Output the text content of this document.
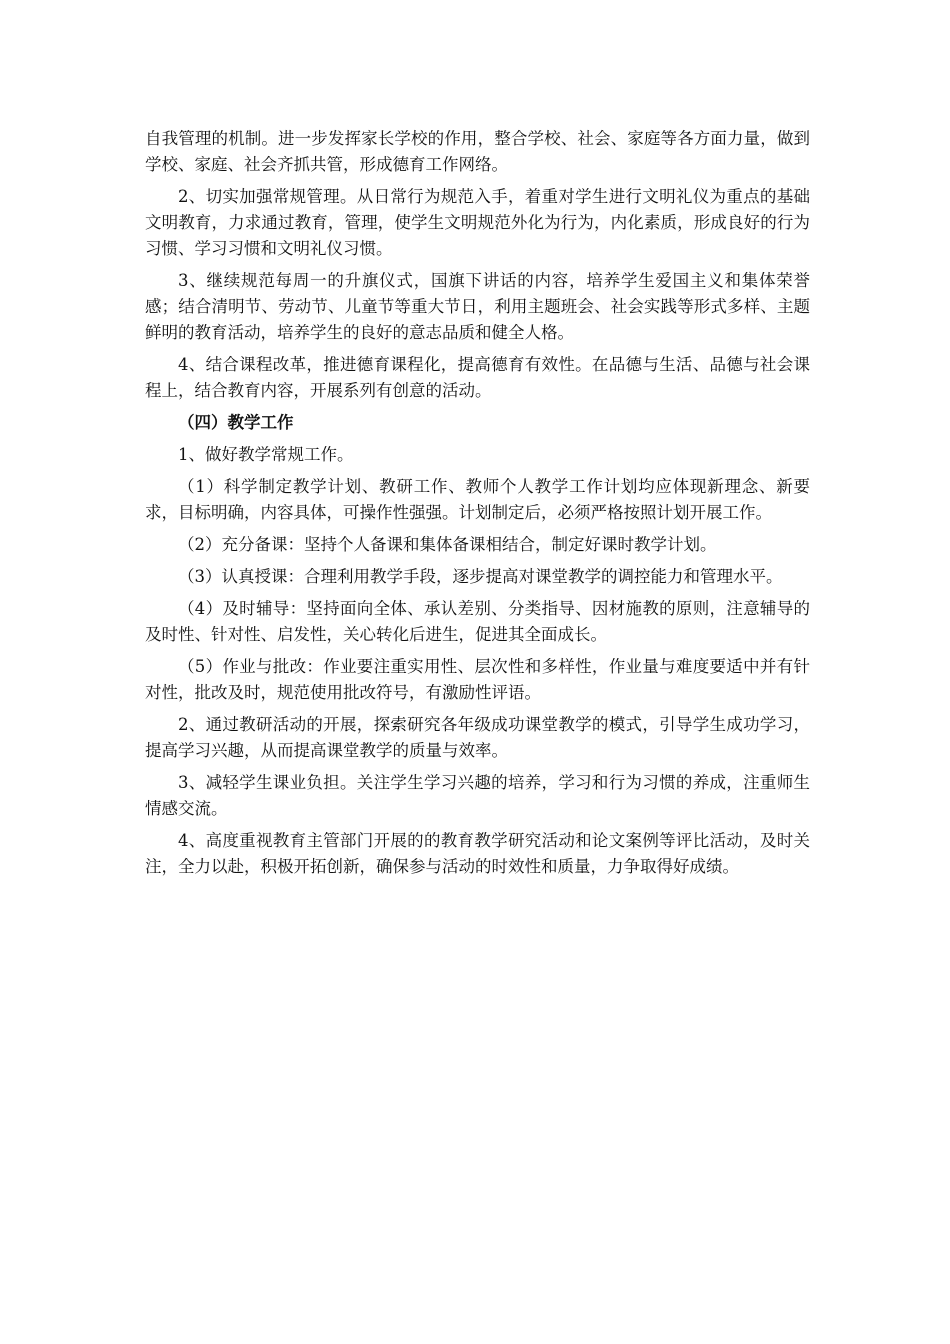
自我管理的机制。进一步发挥家长学校的作用，整合学校、社会、家庭等各方面力量，做到学校、家庭、社会齐抓共管，形成德育工作网络。

2、切实加强常规管理。从日常行为规范入手，着重对学生进行文明礼仪为重点的基础文明教育，力求通过教育，管理，使学生文明规范外化为行为，内化素质，形成良好的行为习惯、学习习惯和文明礼仪习惯。

3、继续规范每周一的升旗仪式，国旗下讲话的内容，培养学生爱国主义和集体荣誉感；结合清明节、劳动节、儿童节等重大节日，利用主题班会、社会实践等形式多样、主题鲜明的教育活动，培养学生的良好的意志品质和健全人格。

4、结合课程改革，推进德育课程化，提高德育有效性。在品德与生活、品德与社会课程上，结合教育内容，开展系列有创意的活动。

（四）教学工作

1、做好教学常规工作。

（1）科学制定教学计划、教研工作、教师个人教学工作计划均应体现新理念、新要求，目标明确，内容具体，可操作性强强。计划制定后，必须严格按照计划开展工作。

（2）充分备课：坚持个人备课和集体备课相结合，制定好课时教学计划。

（3）认真授课：合理利用教学手段，逐步提高对课堂教学的调控能力和管理水平。

（4）及时辅导：坚持面向全体、承认差别、分类指导、因材施教的原则，注意辅导的及时性、针对性、启发性，关心转化后进生，促进其全面成长。

（5）作业与批改：作业要注重实用性、层次性和多样性，作业量与难度要适中并有针对性，批改及时，规范使用批改符号，有激励性评语。

2、通过教研活动的开展，探索研究各年级成功课堂教学的模式，引导学生成功学习，提高学习兴趣，从而提高课堂教学的质量与效率。

3、减轻学生课业负担。关注学生学习兴趣的培养，学习和行为习惯的养成，注重师生情感交流。

4、高度重视教育主管部门开展的的教育教学研究活动和论文案例等评比活动，及时关注，全力以赴，积极开拓创新，确保参与活动的时效性和质量，力争取得好成绩。
